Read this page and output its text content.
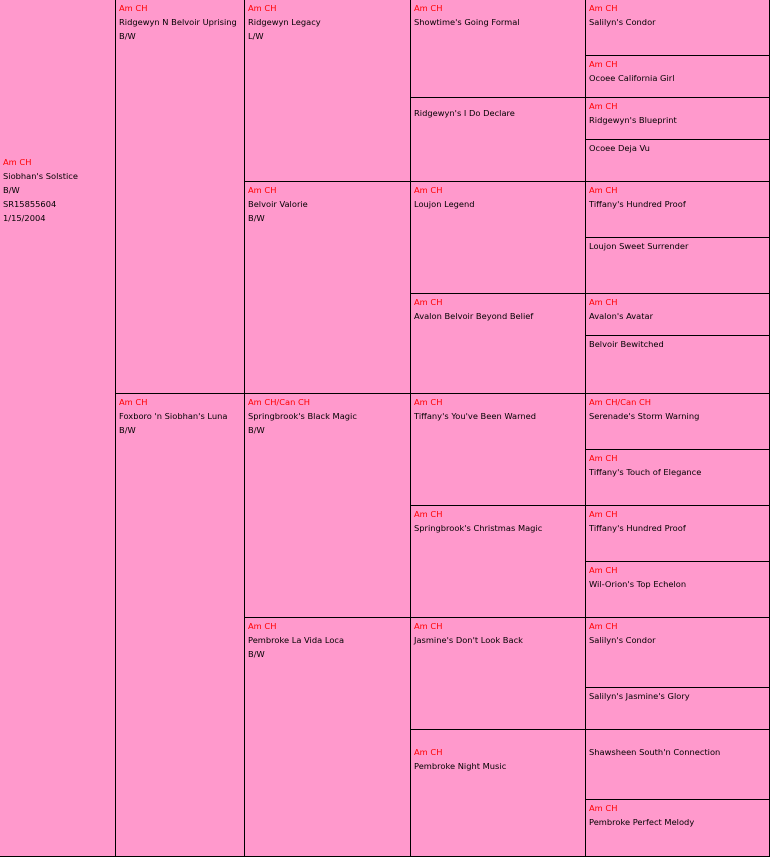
Am CH
Siobhan's Solstice
B/W
SR15855604
1/15/2004
Am CH
Ridgewyn N Belvoir Uprising
B/W
Am CH
Foxboro 'n Siobhan's Luna
B/W
Am CH
Ridgewyn Legacy
L/W
Am CH
Belvoir Valorie
B/W
Am CH/Can CH
Springbrook's Black Magic
B/W
Am CH
Pembroke La Vida Loca
B/W
Am CH
Showtime's Going Formal
Ridgewyn's I Do Declare
Am CH
Loujon Legend
Am CH
Avalon Belvoir Beyond Belief
Am CH
Tiffany's You've Been Warned
Am CH
Springbrook's Christmas Magic
Am CH
Jasmine's Don't Look Back
Am CH
Pembroke Night Music
Am CH
Salilyn's Condor
Am CH
Ocoee California Girl
Am CH
Ridgewyn's Blueprint
Ocoee Deja Vu
Am CH
Tiffany's Hundred Proof
Loujon Sweet Surrender
Am CH
Avalon's Avatar
Belvoir Bewitched
Am CH/Can CH
Serenade's Storm Warning
Am CH
Tiffany's Touch of Elegance
Am CH
Tiffany's Hundred Proof
Am CH
Wil-Orion's Top Echelon
Am CH
Salilyn's Condor
Salilyn's Jasmine's Glory
Shawsheen South'n Connection
Am CH
Pembroke Perfect Melody
